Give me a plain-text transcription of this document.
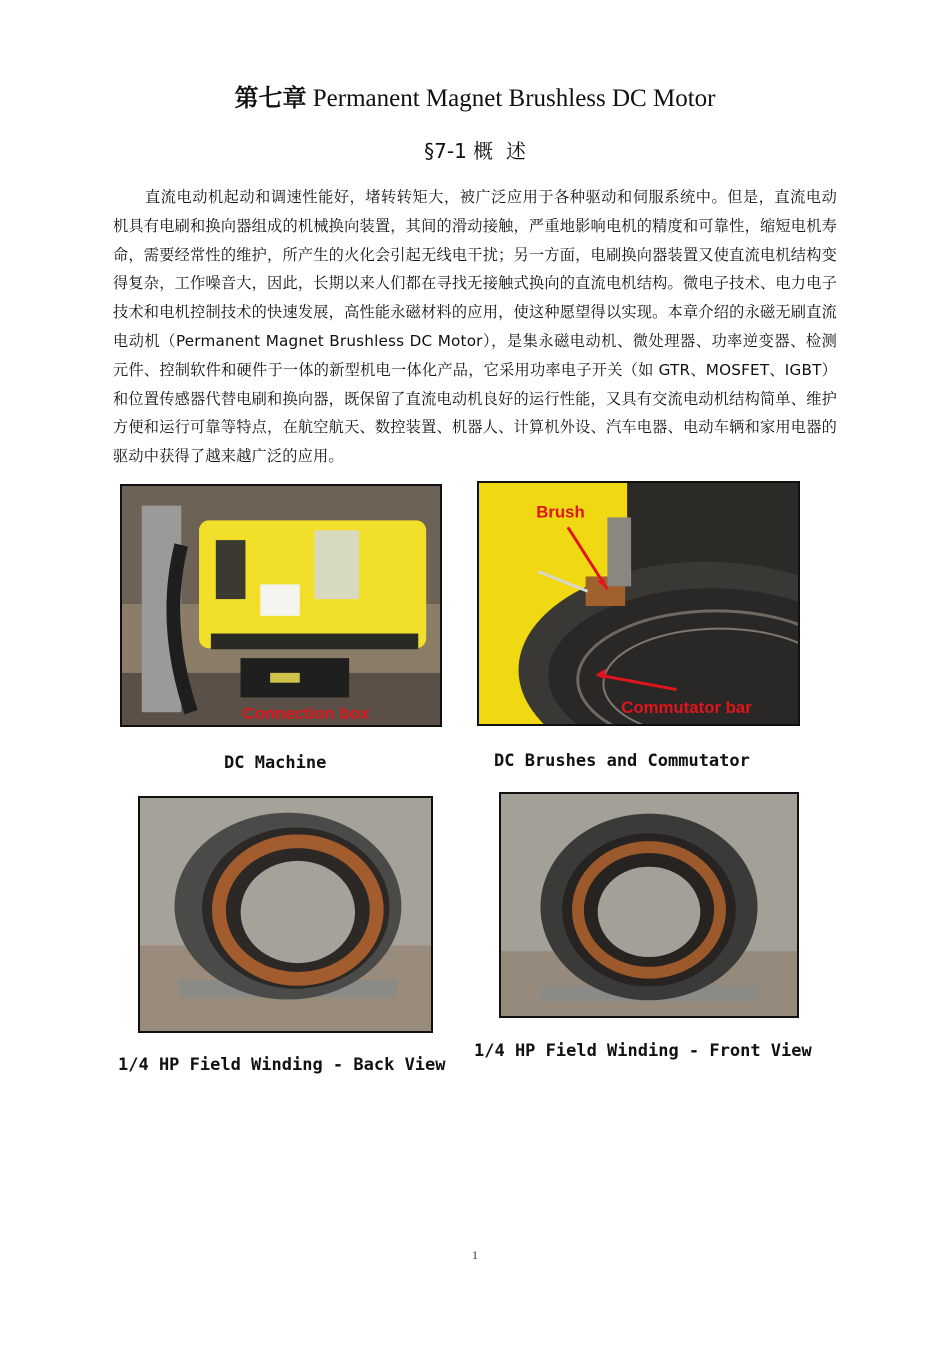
第七章 Permanent Magnet Brushless DC Motor
§7-1 概  述

直流电动机起动和调速性能好，堵转转矩大，被广泛应用于各种驱动和伺服系统中。但是，直流电动机具有电刷和换向器组成的机械换向装置，其间的滑动接触，严重地影响电机的精度和可靠性，缩短电机寿命，需要经常性的维护，所产生的火化会引起无线电干扰；另一方面，电刷换向器装置又使直流电机结构变得复杂，工作噪音大，因此，长期以来人们都在寻找无接触式换向的直流电机结构。微电子技术、电力电子技术和电机控制技术的快速发展，高性能永磁材料的应用，使这种愿望得以实现。本章介绍的永磁无刷直流电动机（Permanent Magnet Brushless DC Motor），是集永磁电动机、微处理器、功率逆变器、检测元件、控制软件和硬件于一体的新型机电一体化产品，它采用功率电子开关（如 GTR、MOSFET、IGBT）和位置传感器代替电刷和换向器，既保留了直流电动机良好的运行性能，又具有交流电动机结构简单、维护方便和运行可靠等特点，在航空航天、数控装置、机器人、计算机外设、汽车电器、电动车辆和家用电器的驱动中获得了越来越广泛的应用。

Connection box
DC Machine
Brush
Commutator bar
DC Brushes and Commutator
1/4 HP Field Winding - Back View
1/4 HP Field Winding - Front View
1
